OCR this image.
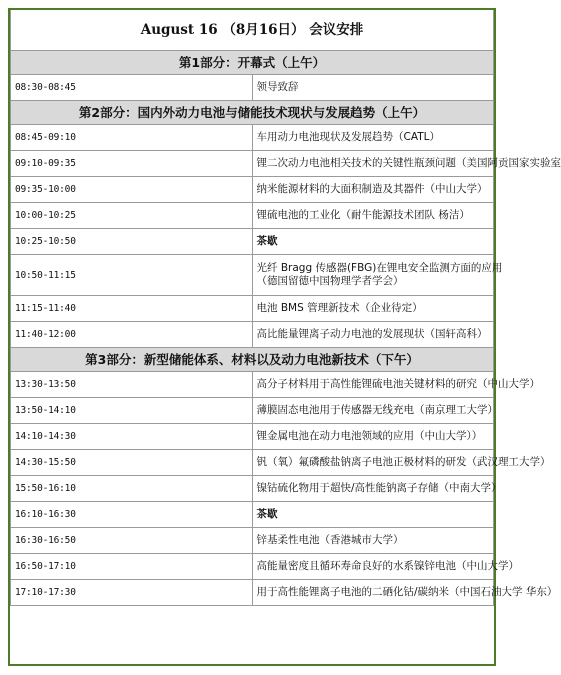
August 16 （8月16日） 会议安排	
第1部分：开幕式（上午）	
08:30-08:45	领导致辞

第2部分：国内外动力电池与储能技术现状与发展趋势（上午）	
08:45-09:10	车用动力电池现状及发展趋势（CATL）

09:10-09:35	锂二次动力电池相关技术的关键性瓶颈问题（美国阿贡国家实验室

09:35-10:00	纳米能源材料的大面积制造及其器件（中山大学）

10:00-10:25	锂硫电池的工业化（耐牛能源技术团队 杨洁）

10:25-10:50	茶歇

10:50-11:15	光纤 Bragg 传感器(FBG)在锂电安全监测方面的应用
（德国留德中国物理学者学会）

11:15-11:40	电池 BMS 管理新技术（企业待定）

11:40-12:00	高比能量锂离子动力电池的发展现状（国轩高科）

第3部分：新型储能体系、材料以及动力电池新技术（下午）	
13:30-13:50	高分子材料用于高性能锂硫电池关键材料的研究（中山大学）

13:50-14:10	薄膜固态电池用于传感器无线充电（南京理工大学）

14:10-14:30	锂金属电池在动力电池领域的应用（中山大学））

14:30-15:50	钒（氧）氟磷酸盐钠离子电池正极材料的研发（武汉理工大学）

15:50-16:10	镍钴硫化物用于超快/高性能钠离子存储（中南大学）

16:10-16:30	茶歇

16:30-16:50	锌基柔性电池（香港城市大学）

16:50-17:10	高能量密度且循环寿命良好的水系镍锌电池（中山大学）

17:10-17:30	用于高性能锂离子电池的二硒化钴/碳纳米（中国石油大学 华东）
